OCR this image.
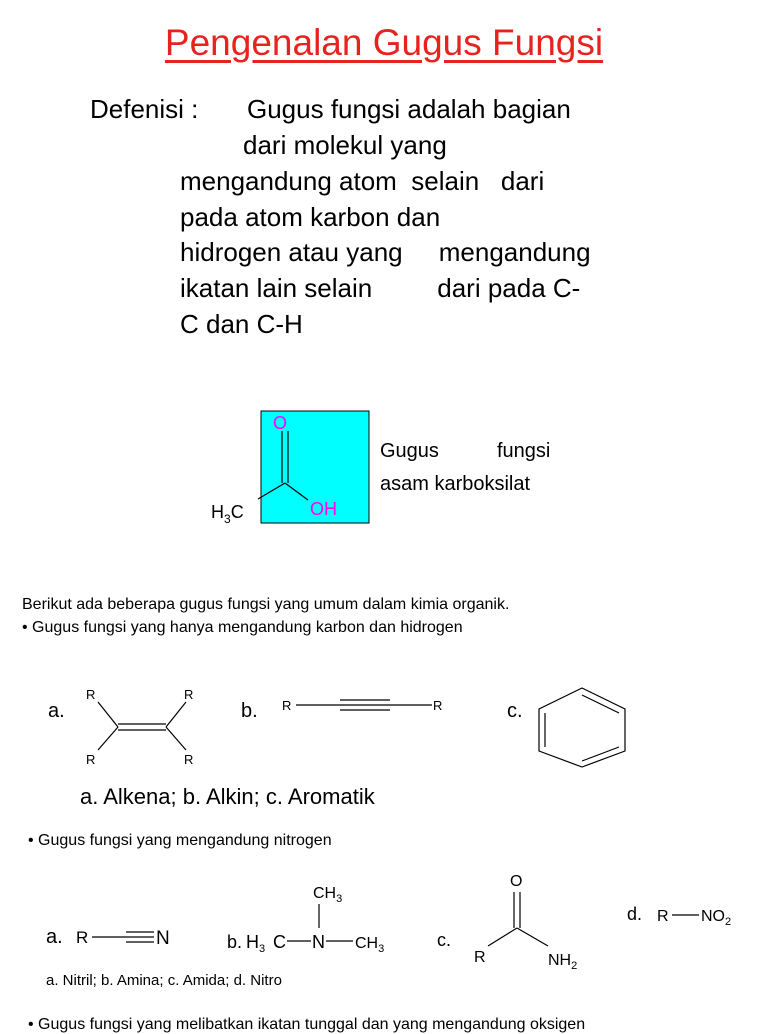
Pengenalan Gugus Fungsi
Defenisi : Gugus fungsi adalah bagian
dari molekul yang
mengandung atom  selain   dari
pada atom karbon dan
hidrogen atau yang     mengandung
ikatan lain selain         dari pada C-
C dan C-H
O
OH
$H_3C$
Gugus	fungsi
asam karboksilat
Berikut ada beberapa gugus fungsi yang umum dalam kimia organik.
• Gugus fungsi yang hanya mengandung karbon dan hidrogen
a.
R	R
R	R
b. R	R	c.
a. Alkena; b. Alkin; c. Aromatik
• Gugus fungsi yang mengandung nitrogen
a. R	N
$CH_3$
b. $H_3$ C N $CH_3$	c.
O
R	$NH_2$
d. R $NO_2$
a. Nitril; b. Amina; c. Amida; d. Nitro
• Gugus fungsi yang melibatkan ikatan tunggal dan yang mengandung oksigen
